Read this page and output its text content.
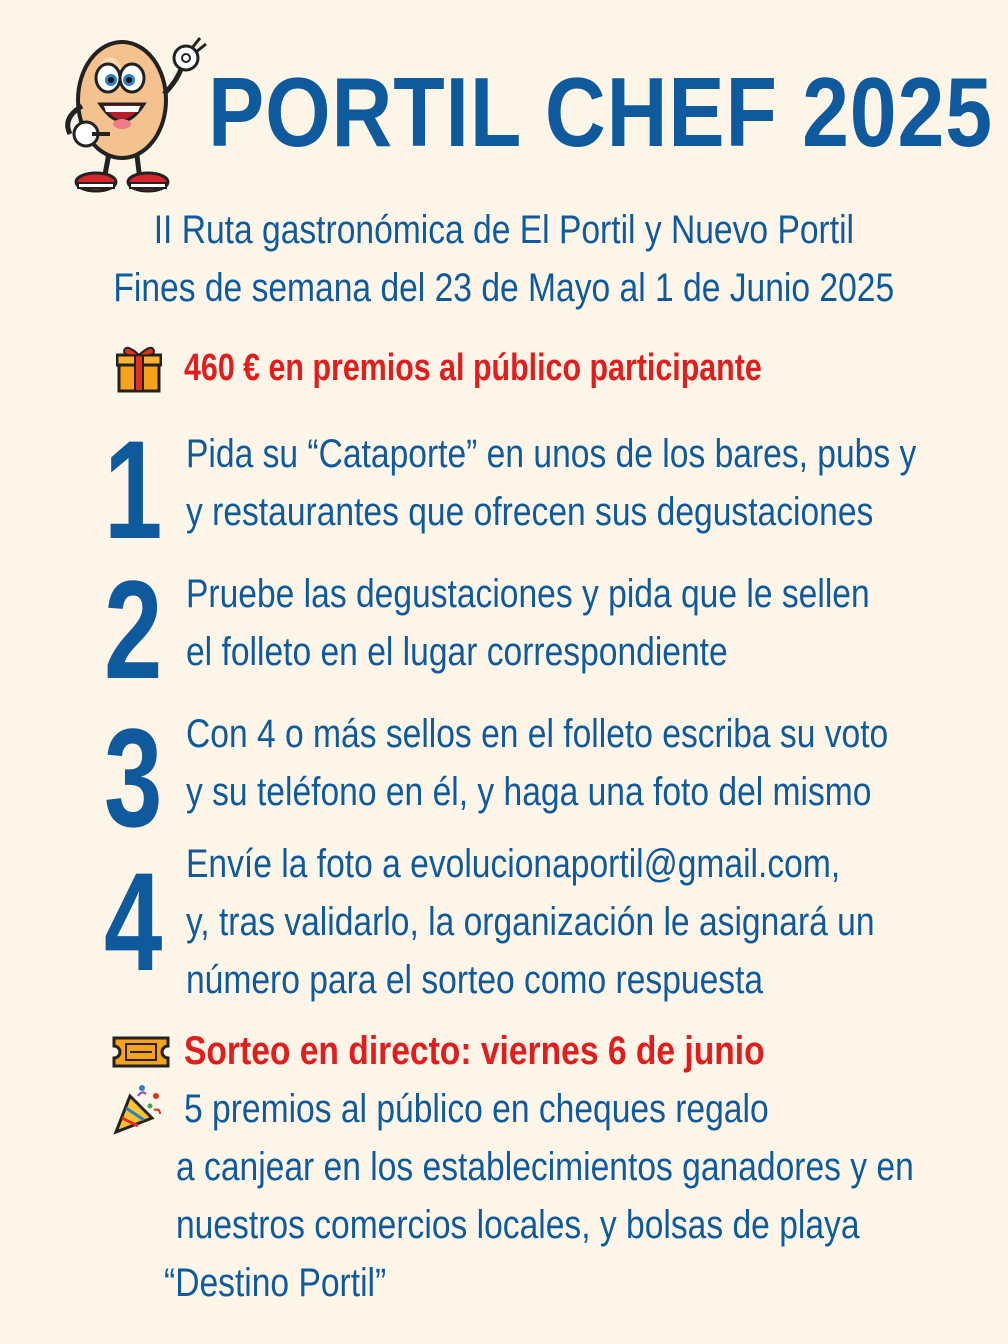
PORTIL CHEF 2025
II Ruta gastronómica de El Portil y Nuevo Portil
Fines de semana del 23 de Mayo al 1 de Junio 2025
460 € en premios al público participante
1 Pida su “Cataporte” en unos de los bares, pubs y
y restaurantes que ofrecen sus degustaciones
2 Pruebe las degustaciones y pida que le sellen
el folleto en el lugar correspondiente
3 Con 4 o más sellos en el folleto escriba su voto
y su teléfono en él, y haga una foto del mismo
4 Envíe la foto a evolucionaportil@gmail.com,
y, tras validarlo, la organización le asignará un
número para el sorteo como respuesta
Sorteo en directo: viernes 6 de junio
5 premios al público en cheques regalo
a canjear en los establecimientos ganadores y en
nuestros comercios locales, y bolsas de playa
“Destino Portil”
